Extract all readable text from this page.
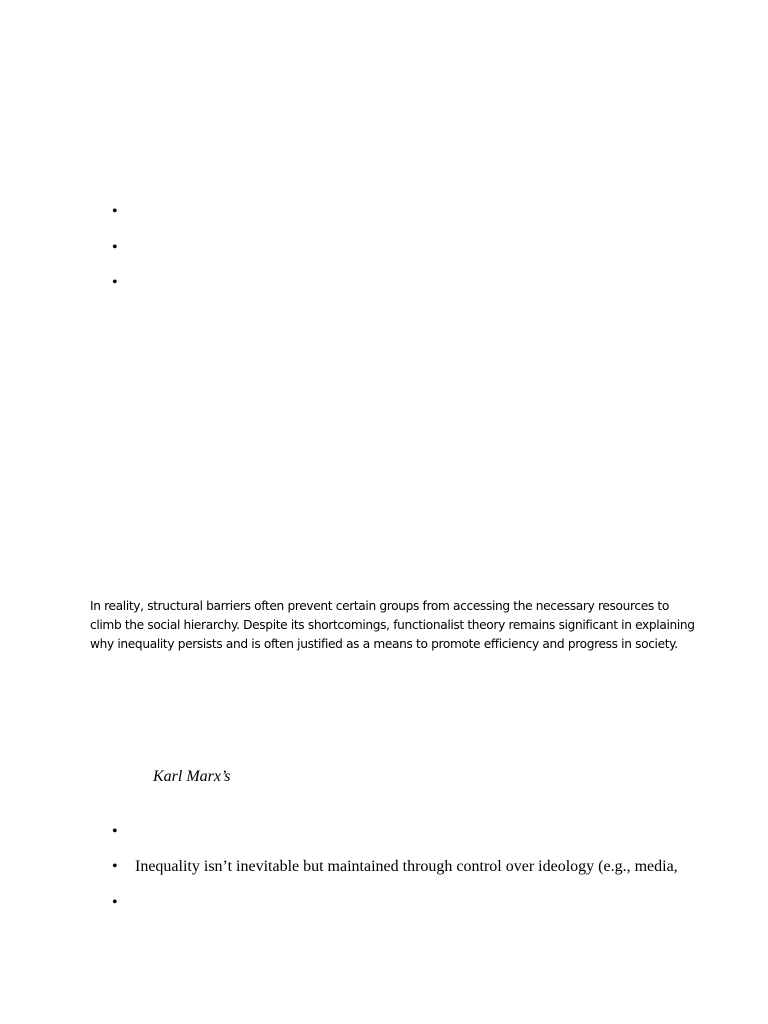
•
•
•
In reality, structural barriers often prevent certain groups from accessing the necessary resources to
climb the social hierarchy. Despite its shortcomings, functionalist theory remains significant in explaining
why inequality persists and is often justified as a means to promote efficiency and progress in society.
Karl Marx’s
•
• Inequality isn’t inevitable but maintained through control over ideology (e.g., media,
•
